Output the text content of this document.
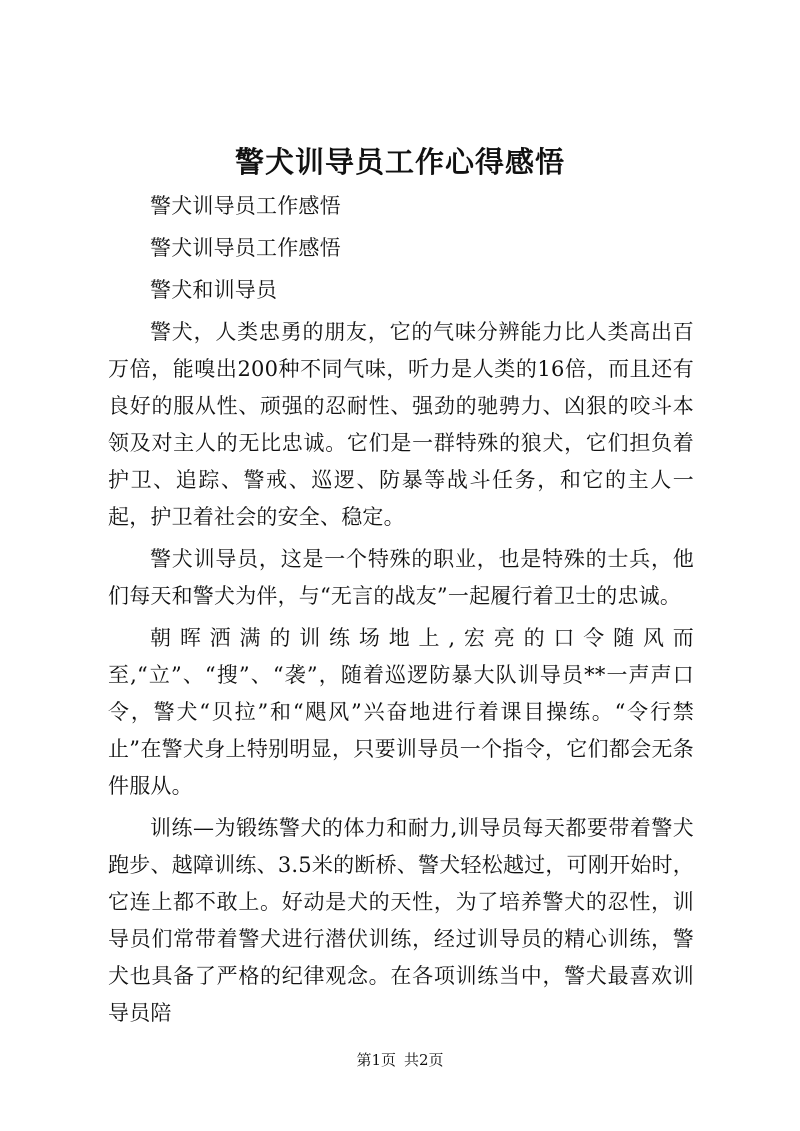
警犬训导员工作心得感悟

警犬训导员工作感悟

警犬训导员工作感悟

警犬和训导员

警犬，人类忠勇的朋友，它的气味分辨能力比人类高出百万倍，能嗅出200种不同气味，听力是人类的16倍，而且还有良好的服从性、顽强的忍耐性、强劲的驰骋力、凶狠的咬斗本领及对主人的无比忠诚。它们是一群特殊的狼犬，它们担负着护卫、追踪、警戒、巡逻、防暴等战斗任务，和它的主人一起，护卫着社会的安全、稳定。

警犬训导员，这是一个特殊的职业，也是特殊的士兵，他们每天和警犬为伴，与“无言的战友”一起履行着卫士的忠诚。

朝晖洒满的训练场地上,宏亮的口令随风而至,“立”、“搜”、“袭”，随着巡逻防暴大队训导员**一声声口令，警犬“贝拉”和“飓风”兴奋地进行着课目操练。“令行禁止”在警犬身上特别明显，只要训导员一个指令，它们都会无条件服从。

训练—为锻练警犬的体力和耐力,训导员每天都要带着警犬跑步、越障训练、3.5米的断桥、警犬轻松越过，可刚开始时，它连上都不敢上。好动是犬的天性，为了培养警犬的忍性，训导员们常带着警犬进行潜伏训练，经过训导员的精心训练，警犬也具备了严格的纪律观念。在各项训练当中，警犬最喜欢训导员陪

第1页 共2页
